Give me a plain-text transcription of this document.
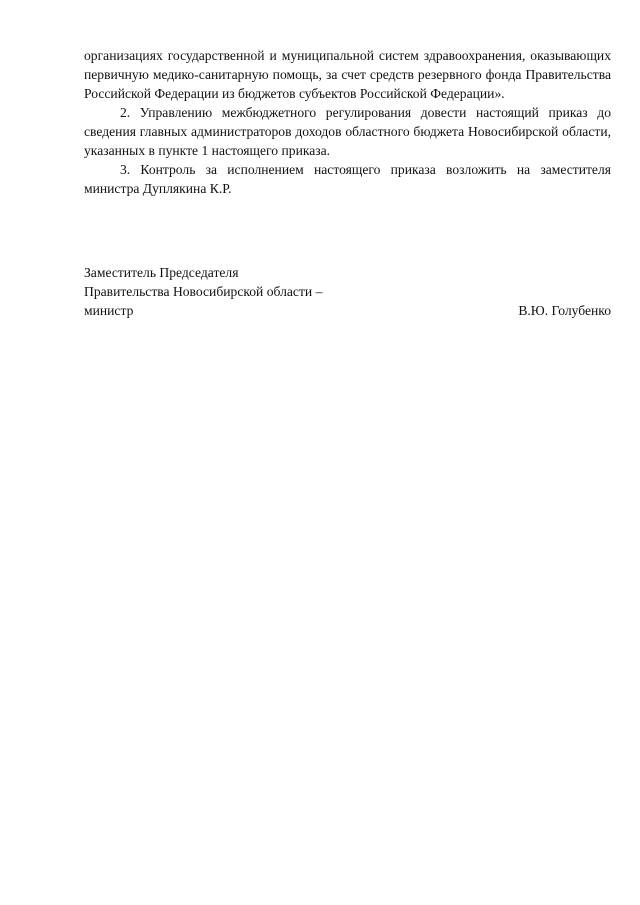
организациях государственной и муниципальной систем здравоохранения, оказывающих первичную медико-санитарную помощь, за счет средств резервного фонда Правительства Российской Федерации из бюджетов субъектов Российской Федерации».

2. Управлению межбюджетного регулирования довести настоящий приказ до сведения главных администраторов доходов областного бюджета Новосибирской области, указанных в пункте 1 настоящего приказа.

3. Контроль за исполнением настоящего приказа возложить на заместителя министра Дуплякина К.Р.

Заместитель Председателя

Правительства Новосибирской области –

министр	В.Ю. Голубенко
